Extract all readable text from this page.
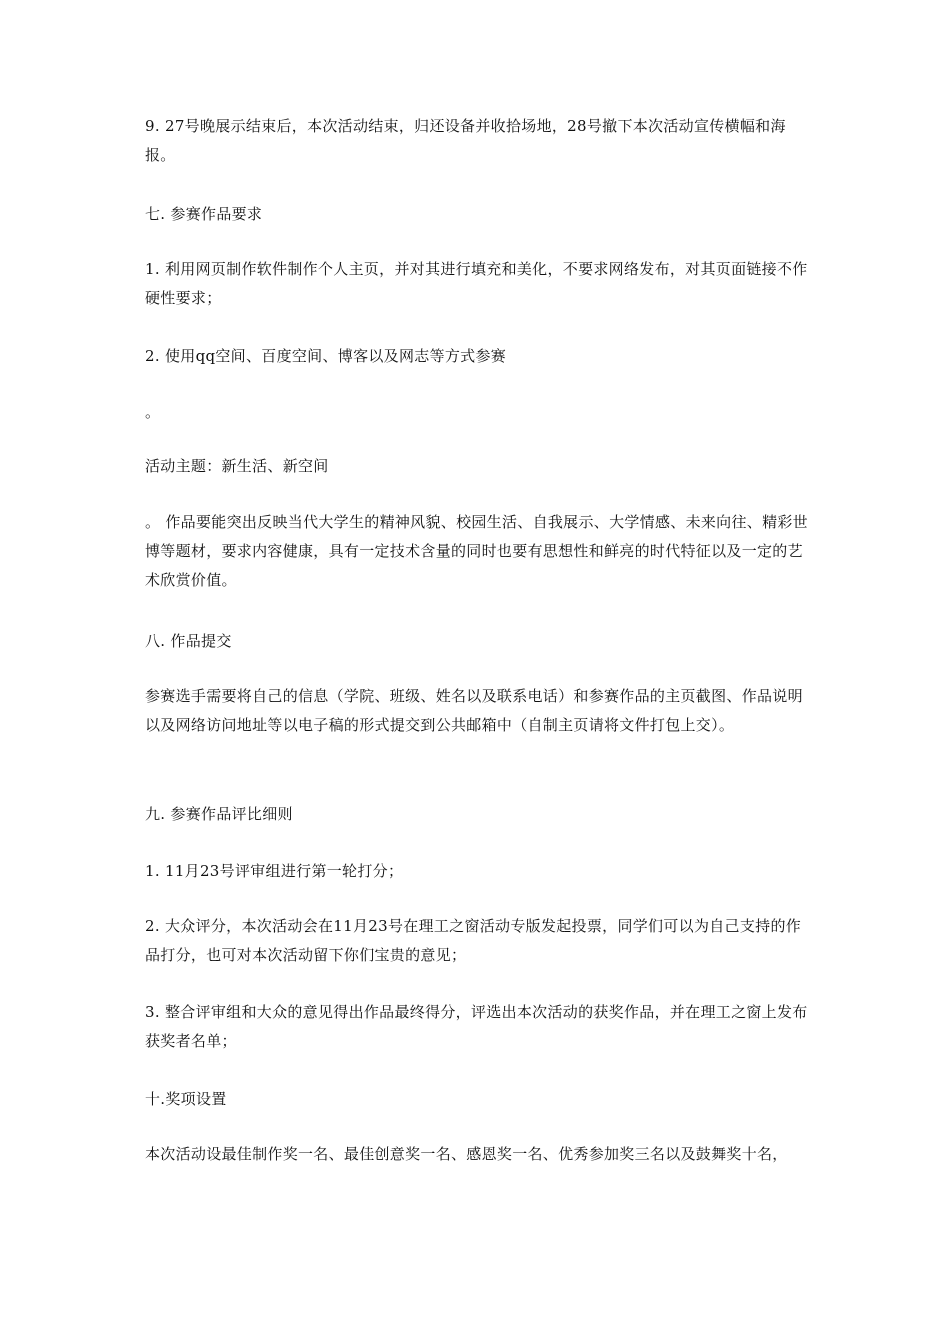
9. 27号晚展示结束后，本次活动结束，归还设备并收拾场地，28号撤下本次活动宣传横幅和海报。

七. 参赛作品要求

1. 利用网页制作软件制作个人主页，并对其进行填充和美化，不要求网络发布，对其页面链接不作硬性要求；

2. 使用qq空间、百度空间、博客以及网志等方式参赛

。

活动主题：新生活、新空间

。 作品要能突出反映当代大学生的精神风貌、校园生活、自我展示、大学情感、未来向往、精彩世博等题材，要求内容健康，具有一定技术含量的同时也要有思想性和鲜亮的时代特征以及一定的艺术欣赏价值。

八. 作品提交

参赛选手需要将自己的信息（学院、班级、姓名以及联系电话）和参赛作品的主页截图、作品说明以及网络访问地址等以电子稿的形式提交到公共邮箱中（自制主页请将文件打包上交）。

九. 参赛作品评比细则

1. 11月23号评审组进行第一轮打分；

2. 大众评分，本次活动会在11月23号在理工之窗活动专版发起投票，同学们可以为自己支持的作品打分，也可对本次活动留下你们宝贵的意见；

3. 整合评审组和大众的意见得出作品最终得分，评选出本次活动的获奖作品，并在理工之窗上发布获奖者名单；

十.奖项设置

本次活动设最佳制作奖一名、最佳创意奖一名、感恩奖一名、优秀参加奖三名以及鼓舞奖十名，
